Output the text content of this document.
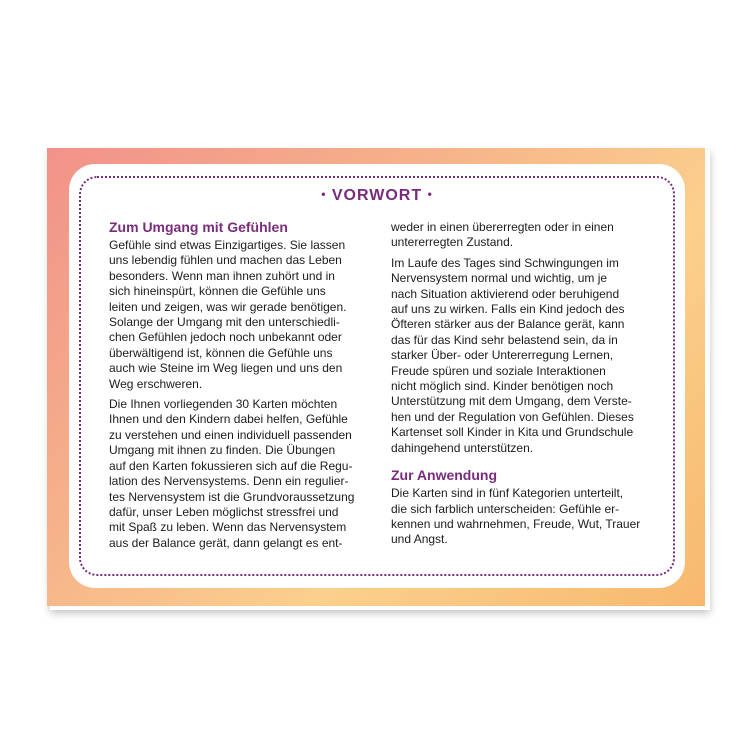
• VORWORT •
Zum Umgang mit Gefühlen

Gefühle sind etwas Einzigartiges. Sie lassen
uns lebendig fühlen und machen das Leben
besonders. Wenn man ihnen zuhört und in
sich hineinspürt, können die Gefühle uns
leiten und zeigen, was wir gerade benötigen.
Solange der Umgang mit den unterschiedli-
chen Gefühlen jedoch noch unbekannt oder
überwältigend ist, können die Gefühle uns
auch wie Steine im Weg liegen und uns den
Weg erschweren.

Die Ihnen vorliegenden 30 Karten möchten
Ihnen und den Kindern dabei helfen, Gefühle
zu verstehen und einen individuell passenden
Umgang mit ihnen zu finden. Die Übungen
auf den Karten fokussieren sich auf die Regu-
lation des Nervensystems. Denn ein regulier-
tes Nervensystem ist die Grundvoraussetzung
dafür, unser Leben möglichst stressfrei und
mit Spaß zu leben. Wenn das Nervensystem
aus der Balance gerät, dann gelangt es ent-

weder in einen übererregten oder in einen
untererregten Zustand.

Im Laufe des Tages sind Schwingungen im
Nervensystem normal und wichtig, um je
nach Situation aktivierend oder beruhigend
auf uns zu wirken. Falls ein Kind jedoch des
Öfteren stärker aus der Balance gerät, kann
das für das Kind sehr belastend sein, da in
starker Über- oder Untererregung Lernen,
Freude spüren und soziale Interaktionen
nicht möglich sind. Kinder benötigen noch
Unterstützung mit dem Umgang, dem Verste-
hen und der Regulation von Gefühlen. Dieses
Kartenset soll Kinder in Kita und Grundschule
dahingehend unterstützen.

Zur Anwendung

Die Karten sind in fünf Kategorien unterteilt,
die sich farblich unterscheiden: Gefühle er-
kennen und wahrnehmen, Freude, Wut, Trauer
und Angst.
